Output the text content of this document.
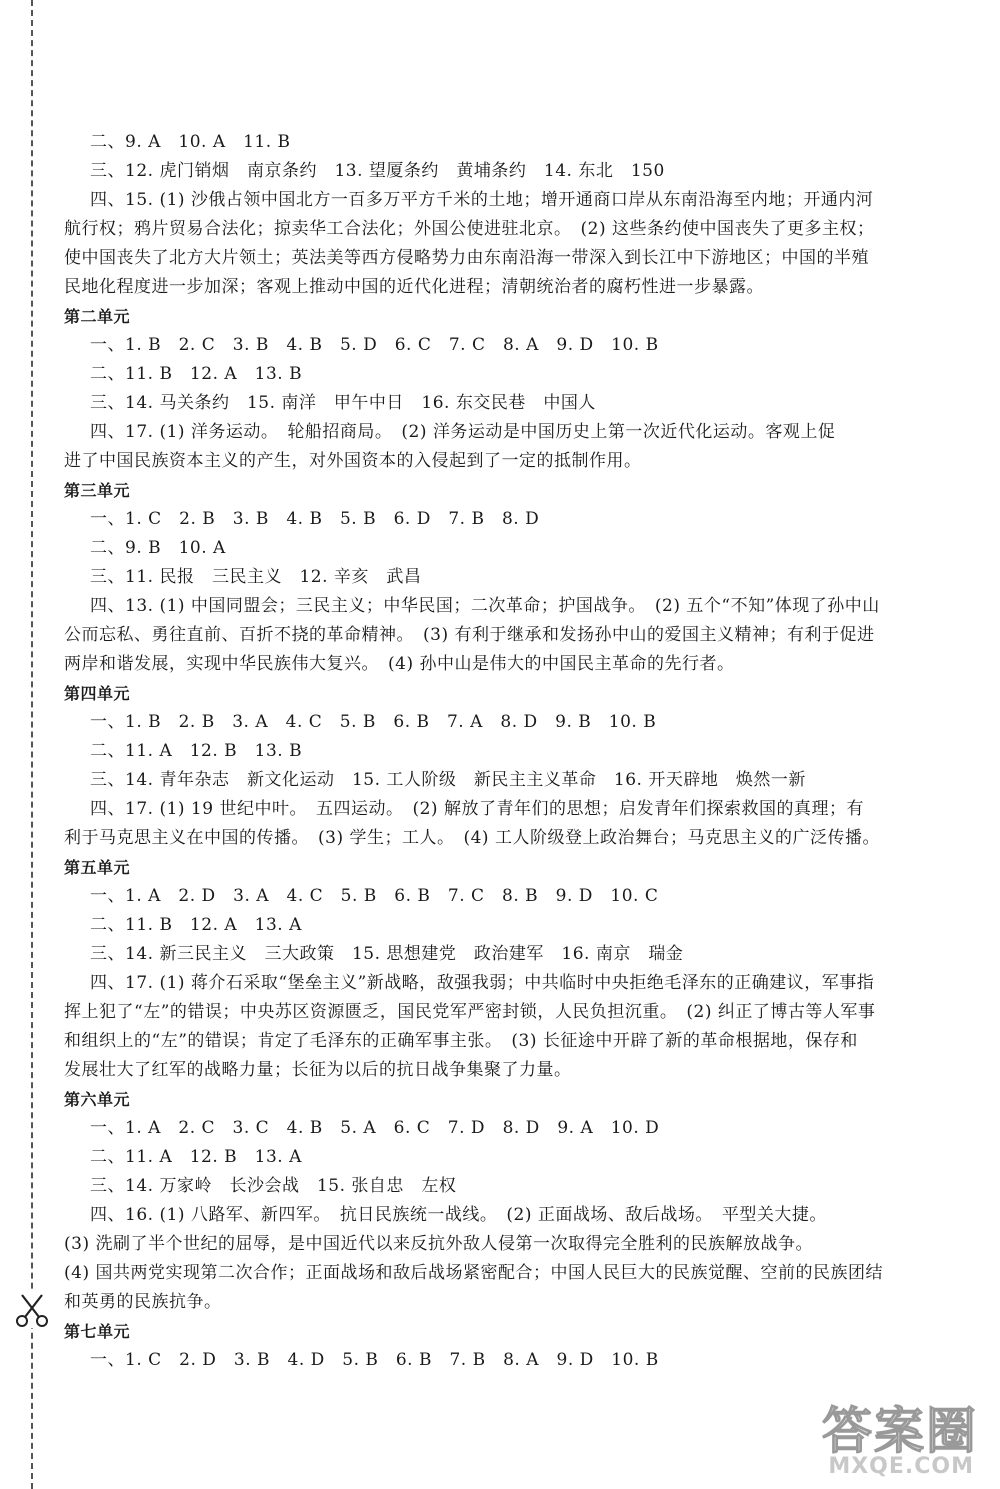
二、9. A　10. A　11. B
三、12. 虎门销烟　南京条约　13. 望厦条约　黄埔条约　14. 东北　150
四、15. (1) 沙俄占领中国北方一百多万平方千米的土地；增开通商口岸从东南沿海至内地；开通内河
航行权；鸦片贸易合法化；掠卖华工合法化；外国公使进驻北京。　(2) 这些条约使中国丧失了更多主权；
使中国丧失了北方大片领土；英法美等西方侵略势力由东南沿海一带深入到长江中下游地区；中国的半殖
民地化程度进一步加深；客观上推动中国的近代化进程；清朝统治者的腐朽性进一步暴露。
第二单元
一、1. B　2. C　3. B　4. B　5. D　6. C　7. C　8. A　9. D　10. B
二、11. B　12. A　13. B
三、14. 马关条约　15. 南洋　甲午中日　16. 东交民巷　中国人
四、17. (1) 洋务运动。　轮船招商局。　(2) 洋务运动是中国历史上第一次近代化运动。客观上促
进了中国民族资本主义的产生，对外国资本的入侵起到了一定的抵制作用。
第三单元
一、1. C　2. B　3. B　4. B　5. B　6. D　7. B　8. D
二、9. B　10. A
三、11. 民报　三民主义　12. 辛亥　武昌
四、13. (1) 中国同盟会；三民主义；中华民国；二次革命；护国战争。　(2) 五个“不知”体现了孙中山
公而忘私、勇往直前、百折不挠的革命精神。　(3) 有利于继承和发扬孙中山的爱国主义精神；有利于促进
两岸和谐发展，实现中华民族伟大复兴。　(4) 孙中山是伟大的中国民主革命的先行者。
第四单元
一、1. B　2. B　3. A　4. C　5. B　6. B　7. A　8. D　9. B　10. B
二、11. A　12. B　13. B
三、14. 青年杂志　新文化运动　15. 工人阶级　新民主主义革命　16. 开天辟地　焕然一新
四、17. (1) 19 世纪中叶。　五四运动。　(2) 解放了青年们的思想；启发青年们探索救国的真理；有
利于马克思主义在中国的传播。　(3) 学生；工人。　(4) 工人阶级登上政治舞台；马克思主义的广泛传播。
第五单元
一、1. A　2. D　3. A　4. C　5. B　6. B　7. C　8. B　9. D　10. C
二、11. B　12. A　13. A
三、14. 新三民主义　三大政策　15. 思想建党　政治建军　16. 南京　瑞金
四、17. (1) 蒋介石采取“堡垒主义”新战略，敌强我弱；中共临时中央拒绝毛泽东的正确建议，军事指
挥上犯了“左”的错误；中央苏区资源匮乏，国民党军严密封锁，人民负担沉重。　(2) 纠正了博古等人军事
和组织上的“左”的错误；肯定了毛泽东的正确军事主张。　(3) 长征途中开辟了新的革命根据地，保存和
发展壮大了红军的战略力量；长征为以后的抗日战争集聚了力量。
第六单元
一、1. A　2. C　3. C　4. B　5. A　6. C　7. D　8. D　9. A　10. D
二、11. A　12. B　13. A
三、14. 万家岭　长沙会战　15. 张自忠　左权
四、16. (1) 八路军、新四军。　抗日民族统一战线。　(2) 正面战场、敌后战场。　平型关大捷。
(3) 洗刷了半个世纪的屈辱，是中国近代以来反抗外敌人侵第一次取得完全胜利的民族解放战争。
(4) 国共两党实现第二次合作；正面战场和敌后战场紧密配合；中国人民巨大的民族觉醒、空前的民族团结
和英勇的民族抗争。
第七单元
一、1. C　2. D　3. B　4. D　5. B　6. B　7. B　8. A　9. D　10. B
答案圈
MXQE.COM
